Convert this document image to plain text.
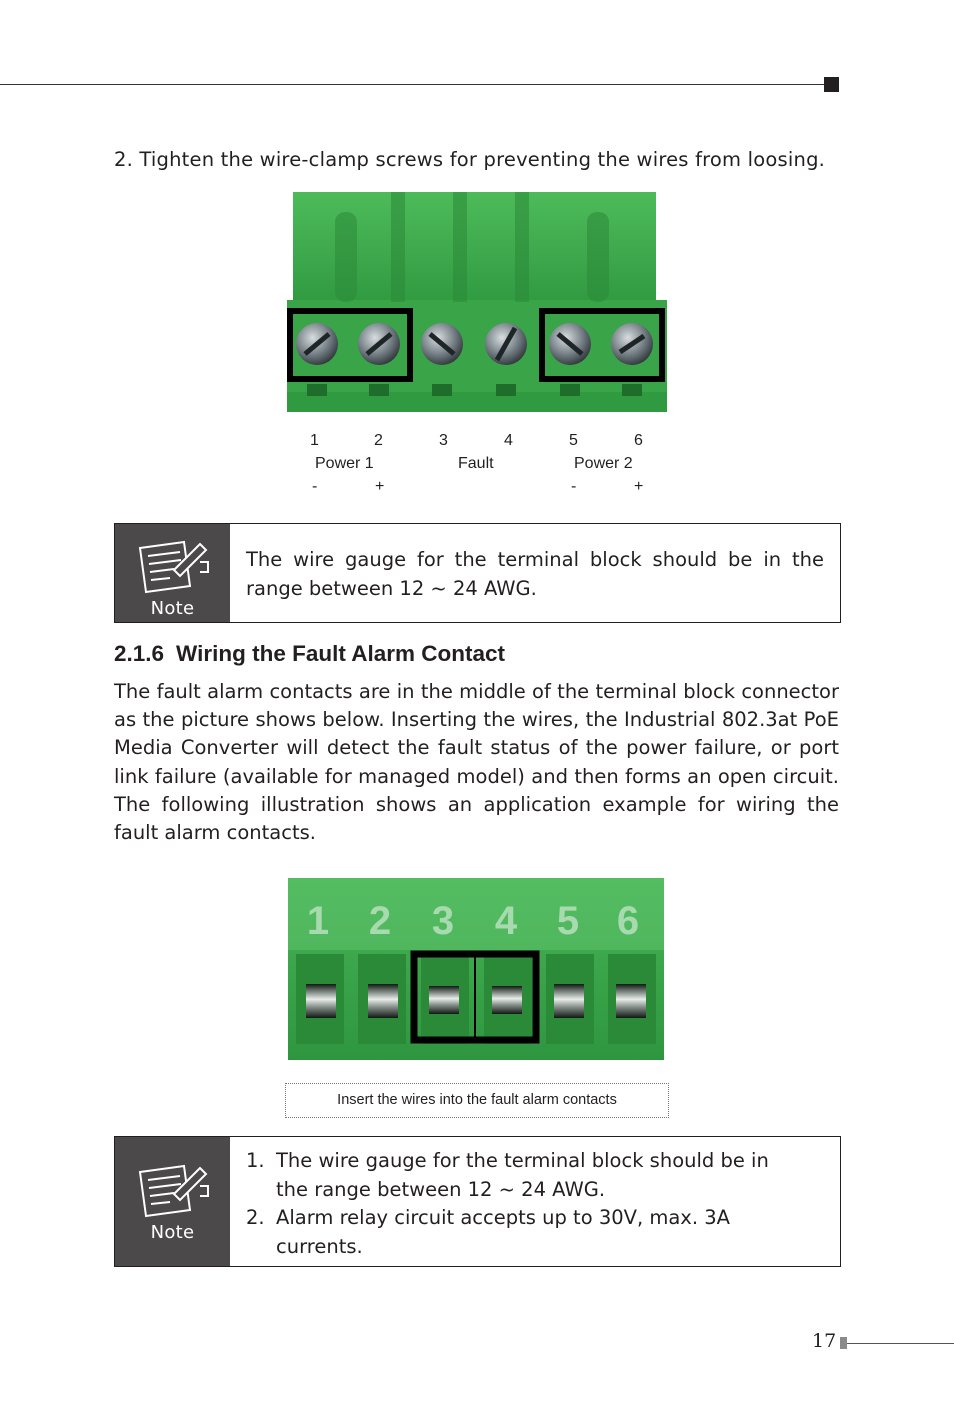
2. Tighten the wire-clamp screws for preventing the wires from loosing.
1	2	3	4	5	6
Power 1	Fault	Power 2
-	+	-	+
Note

The wire gauge for the terminal block should be in the range between 12 ~ 24 AWG.

2.1.6 Wiring the Fault Alarm Contact

The fault alarm contacts are in the middle of the terminal block connector as the picture shows below. Inserting the wires, the Industrial 802.3at PoE Media Converter will detect the fault status of the power failure, or port link failure (available for managed model) and then forms an open circuit. The following illustration shows an application example for wiring the fault alarm contacts.

1 2 3 4 5 6
Insert the wires into the fault alarm contacts
Note
1. The wire gauge for the terminal block should be in the range between 12 ~ 24 AWG.
2. Alarm relay circuit accepts up to 30V, max. 3A currents.
17
